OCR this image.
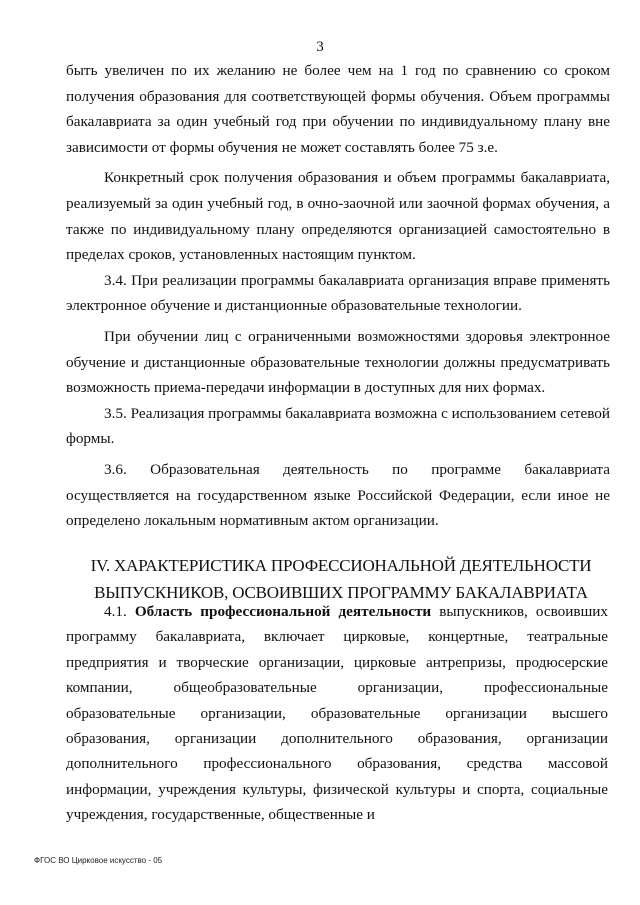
3

быть увеличен по их желанию не более чем на 1 год по сравнению со сроком получения образования для соответствующей формы обучения. Объем программы бакалавриата за один учебный год при обучении по индивидуальному плану вне зависимости от формы обучения не может составлять более 75 з.е.

Конкретный срок получения образования и объем программы бакалавриата, реализуемый за один учебный год, в очно-заочной или заочной формах обучения, а также по индивидуальному плану определяются организацией самостоятельно в пределах сроков, установленных настоящим пунктом.

3.4. При реализации программы бакалавриата организация вправе применять электронное обучение и дистанционные образовательные технологии.

При обучении лиц с ограниченными возможностями здоровья электронное обучение и дистанционные образовательные технологии должны предусматривать возможность приема-передачи информации в доступных для них формах.

3.5. Реализация программы бакалавриата возможна с использованием сетевой формы.

3.6. Образовательная деятельность по программе бакалавриата осуществляется на государственном языке Российской Федерации, если иное не определено локальным нормативным актом организации.

IV. ХАРАКТЕРИСТИКА ПРОФЕССИОНАЛЬНОЙ ДЕЯТЕЛЬНОСТИ
ВЫПУСКНИКОВ, ОСВОИВШИХ ПРОГРАММУ БАКАЛАВРИАТА

4.1. Область профессиональной деятельности выпускников, освоивших программу бакалавриата, включает цирковые, концертные, театральные предприятия и творческие организации, цирковые антрепризы, продюсерские компании, общеобразовательные организации, профессиональные образовательные организации, образовательные организации высшего образования, организации дополнительного образования, организации дополнительного профессионального образования, средства массовой информации, учреждения культуры, физической культуры и спорта, социальные учреждения, государственные, общественные и

ФГОС ВО Цирковое искусство - 05
